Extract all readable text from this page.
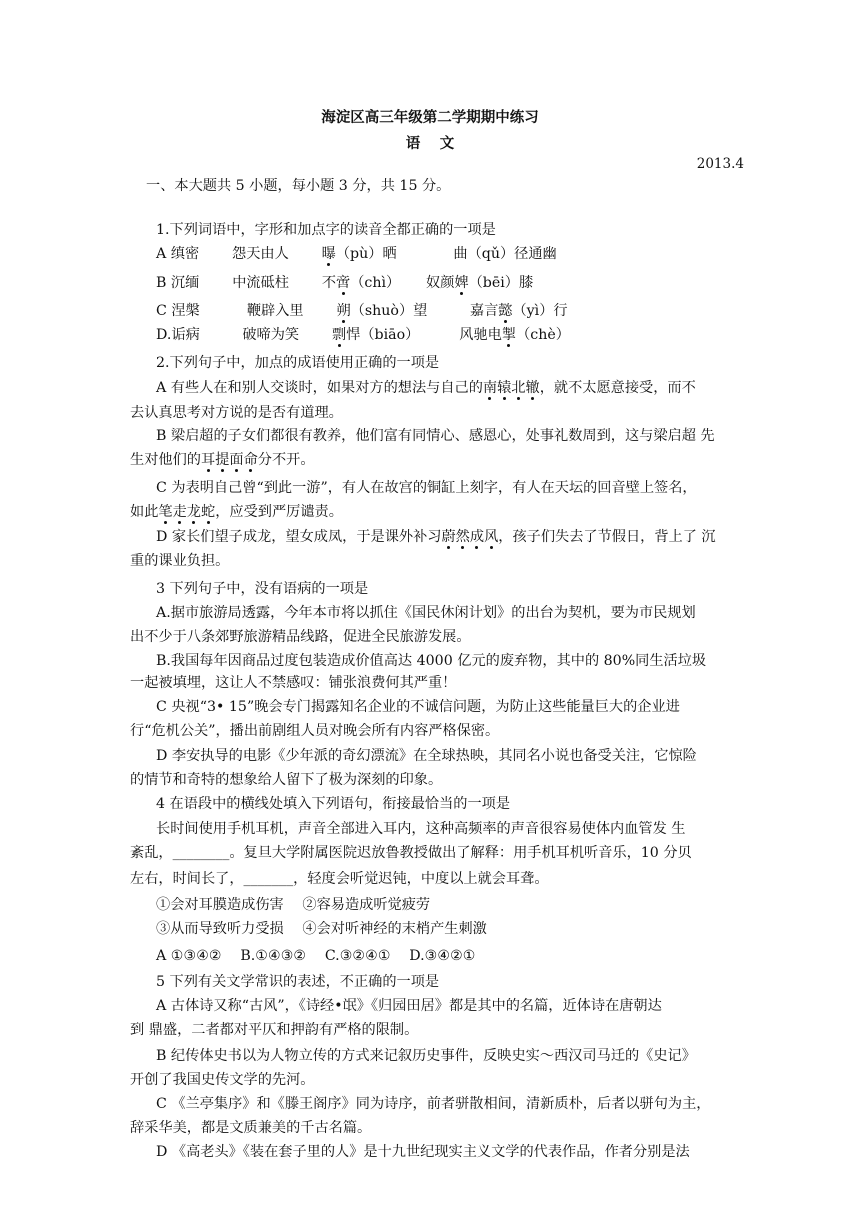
海淀区高三年级第二学期期中练习
语　 文
2013.4
一、本大题共 5 小题，每小题 3 分，共 15 分。
1.下列词语中，字形和加点字的读音全都正确的一项是
A 缜密　　 怨天由人　　 曝（pù）晒　　　　曲（qǔ）径通幽
B 沉缅　　 中流砥柱　　 不啻（chì）　　 奴颜婢（bēi）膝
C 涅槃　　　 鞭辟入里　　 朔（shuò）望　　　嘉言懿（yì）行
D.诟病　　　破啼为笑　　 剽悍（biāo）　　　 风驰电掣（chè）
2.下列句子中，加点的成语使用正确的一项是
A 有些人在和别人交谈时，如果对方的想法与自己的南辕北辙，就不太愿意接受，而不
去认真思考对方说的是否有道理。
B 梁启超的子女们都很有教养，他们富有同情心、感恩心，处事礼数周到，这与梁启超 先
生对他们的耳提面命分不开。
C 为表明自己曾“到此一游”，有人在故宫的铜缸上刻字，有人在天坛的回音壁上签名，
如此笔走龙蛇，应受到严厉谴责。
D 家长们望子成龙，望女成凤，于是课外补习蔚然成风，孩子们失去了节假日，背上了 沉
重的课业负担。
3 下列句子中，没有语病的一项是
A.据市旅游局透露，今年本市将以抓住《国民休闲计划》的出台为契机，要为市民规划
出不少于八条郊野旅游精品线路，促进全民旅游发展。
B.我国每年因商品过度包装造成价值高达 4000 亿元的废弃物，其中的 80%同生活垃圾
一起被填埋，这让人不禁感叹：铺张浪费何其严重！
C 央视“3• 15”晚会专门揭露知名企业的不诚信问题，为防止这些能量巨大的企业进
行“危机公关”，播出前剧组人员对晚会所有内容严格保密。
D 李安执导的电影《少年派的奇幻漂流》在全球热映，其同名小说也备受关注，它惊险
的情节和奇特的想象给人留下了极为深刻的印象。
4 在语段中的横线处填入下列语句，衔接最恰当的一项是
长时间使用手机耳机，声音全部进入耳内，这种高频率的声音很容易使体内血管发 生
紊乱，________。复旦大学附属医院迟放鲁教授做出了解释：用手机耳机听音乐，10 分贝
左右，时间长了，_______，轻度会听觉迟钝，中度以上就会耳聋。
①会对耳膜造成伤害　 ②容易造成听觉疲劳
③从而导致听力受损　 ④会对听神经的末梢产生刺激
A ①③④②　 B.①④③②　 C.③②④①　 D.③④②①
5 下列有关文学常识的表述，不正确的一项是
A 古体诗又称“古风”，《诗经•氓》《归园田居》都是其中的名篇，近体诗在唐朝达
到 鼎盛，二者都对平仄和押韵有严格的限制。
B 纪传体史书以为人物立传的方式来记叙历史事件，反映史实～西汉司马迁的《史记》
开创了我国史传文学的先河。
C 《兰亭集序》和《滕王阁序》同为诗序，前者骈散相间，清新质朴，后者以骈句为主，
辞采华美，都是文质兼美的千古名篇。
D 《高老头》《装在套子里的人》是十九世纪现实主义文学的代表作品，作者分别是法
